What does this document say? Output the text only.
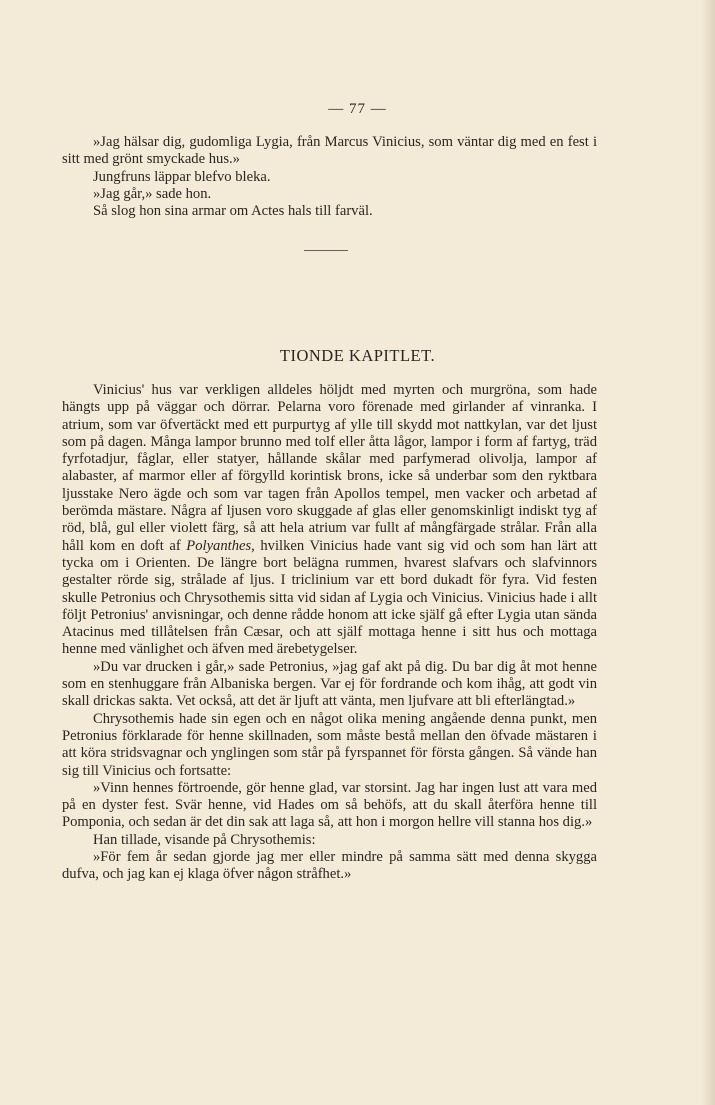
— 77 —

»Jag hälsar dig, gudomliga Lygia, från Marcus Vinicius, som väntar dig med en fest i sitt med grönt smyckade hus.»

Jungfruns läppar blefvo bleka.

»Jag går,» sade hon.

Så slog hon sina armar om Actes hals till farväl.

TIONDE KAPITLET.

Vinicius' hus var verkligen alldeles höljdt med myrten och murgröna, som hade hängts upp på väggar och dörrar. Pelarna voro förenade med girlander af vinranka. I atrium, som var öfvertäckt med ett purpurtyg af ylle till skydd mot nattkylan, var det ljust som på dagen. Många lampor brunno med tolf eller åtta lågor, lampor i form af fartyg, träd fyrfotadjur, fåglar, eller statyer, hållande skålar med parfymerad olivolja, lampor af alabaster, af marmor eller af förgylld korintisk brons, icke så underbar som den ryktbara ljusstake Nero ägde och som var tagen från Apollos tempel, men vacker och arbetad af berömda mästare. Några af ljusen voro skuggade af glas eller genomskinligt indiskt tyg af röd, blå, gul eller violett färg, så att hela atrium var fullt af mångfärgade strålar. Från alla håll kom en doft af Polyanthes, hvilken Vinicius hade vant sig vid och som han lärt att tycka om i Orienten. De längre bort belägna rummen, hvarest slafvars och slafvinnors gestalter rörde sig, strålade af ljus. I triclinium var ett bord dukadt för fyra. Vid festen skulle Petronius och Chrysothemis sitta vid sidan af Lygia och Vinicius. Vinicius hade i allt följt Petronius' anvisningar, och denne rådde honom att icke själf gå efter Lygia utan sända Atacinus med tillåtelsen från Cæsar, och att själf mottaga henne i sitt hus och mottaga henne med vänlighet och äfven med ärebetygelser.

»Du var drucken i går,» sade Petronius, »jag gaf akt på dig. Du bar dig åt mot henne som en stenhuggare från Albaniska bergen. Var ej för fordrande och kom ihåg, att godt vin skall drickas sakta. Vet också, att det är ljuft att vänta, men ljufvare att bli efterlängtad.»

Chrysothemis hade sin egen och en något olika mening angående denna punkt, men Petronius förklarade för henne skillnaden, som måste bestå mellan den öfvade mästaren i att köra stridsvagnar och ynglingen som står på fyrspannet för första gången. Så vände han sig till Vinicius och fortsatte:

»Vinn hennes förtroende, gör henne glad, var storsint. Jag har ingen lust att vara med på en dyster fest. Svär henne, vid Hades om så behöfs, att du skall återföra henne till Pomponia, och sedan är det din sak att laga så, att hon i morgon hellre vill stanna hos dig.»

Han tillade, visande på Chrysothemis:

»För fem år sedan gjorde jag mer eller mindre på samma sätt med denna skygga dufva, och jag kan ej klaga öfver någon stråfhet.»
